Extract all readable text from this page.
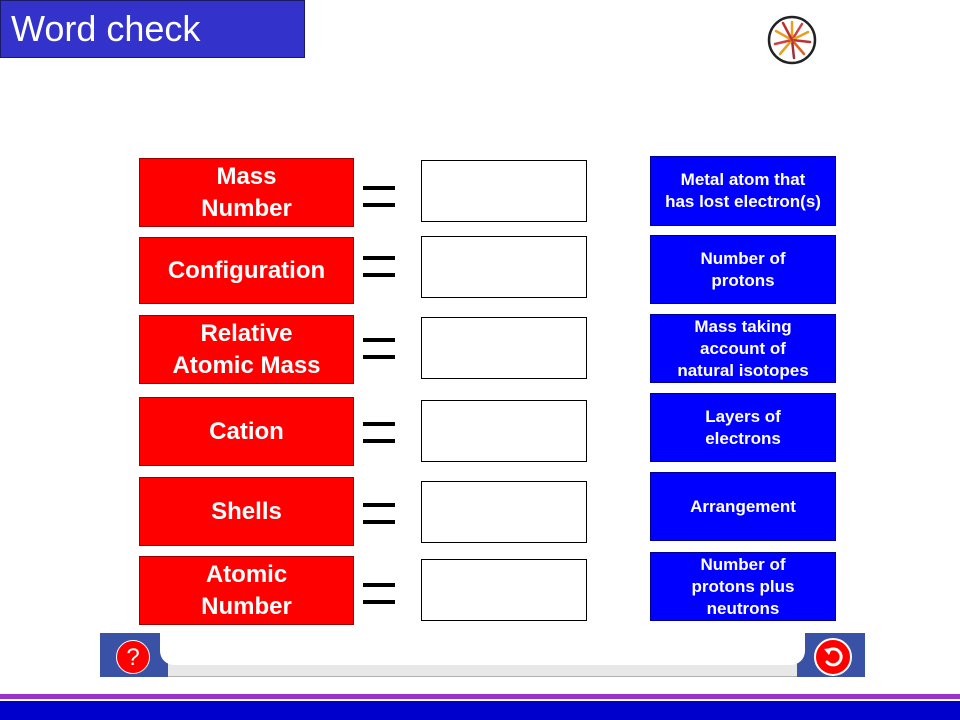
Word check
Mass
Number
Configuration
Relative
Atomic Mass
Cation
Shells
Atomic
Number
Metal atom that
has lost electron(s)
Number of
protons
Mass taking
account of
natural isotopes
Layers of
electrons
Arrangement
Number of
protons plus
neutrons
?
